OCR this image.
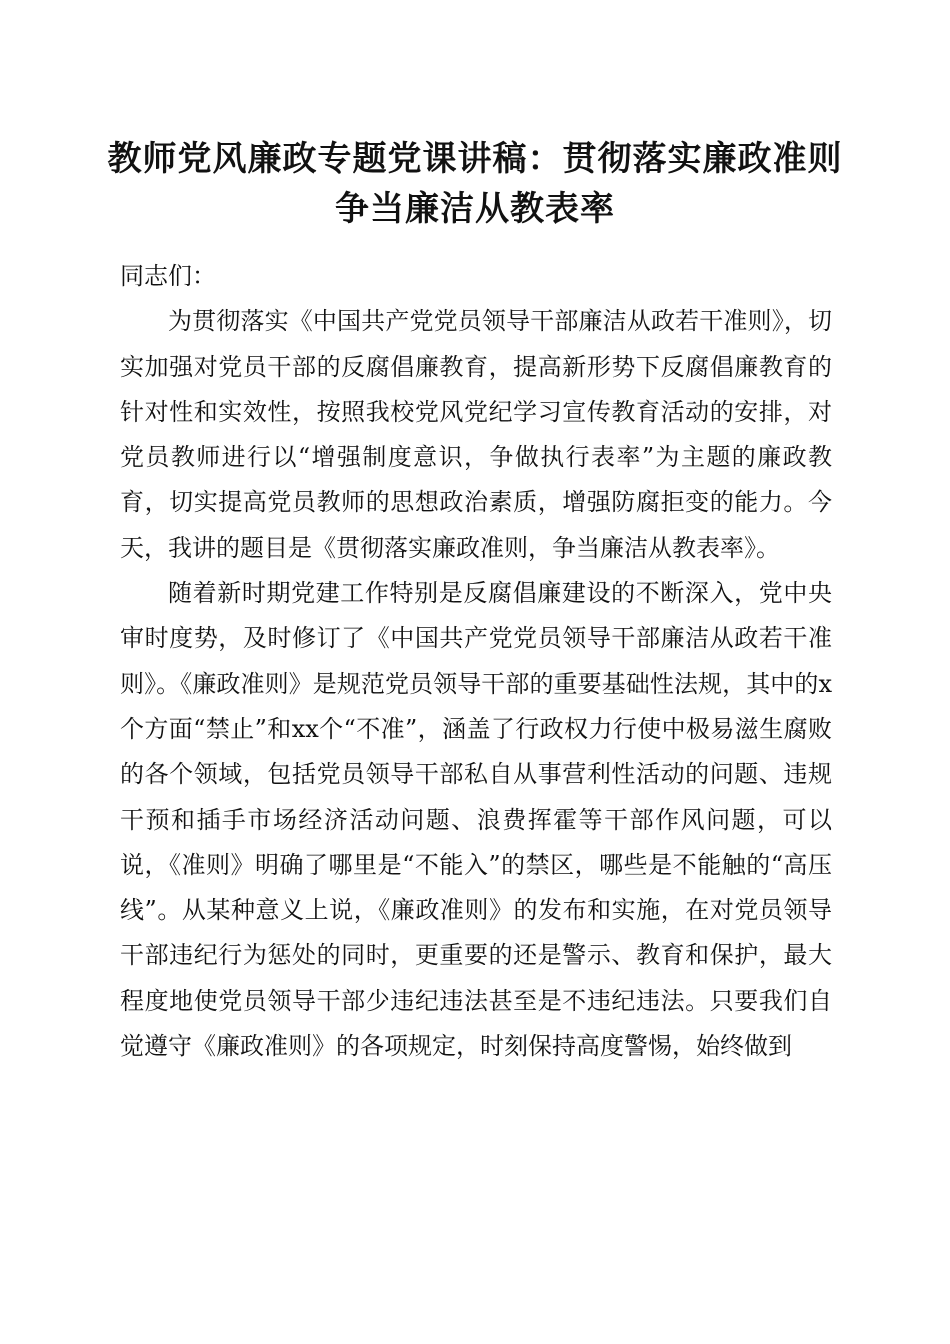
教师党风廉政专题党课讲稿：贯彻落实廉政准则争当廉洁从教表率

同志们：

为贯彻落实《中国共产党党员领导干部廉洁从政若干准则》，切实加强对党员干部的反腐倡廉教育，提高新形势下反腐倡廉教育的针对性和实效性，按照我校党风党纪学习宣传教育活动的安排，对党员教师进行以“增强制度意识，争做执行表率”为主题的廉政教育，切实提高党员教师的思想政治素质，增强防腐拒变的能力。今天，我讲的题目是《贯彻落实廉政准则，争当廉洁从教表率》。

随着新时期党建工作特别是反腐倡廉建设的不断深入，党中央审时度势，及时修订了《中国共产党党员领导干部廉洁从政若干准则》。《廉政准则》是规范党员领导干部的重要基础性法规，其中的x个方面“禁止”和xx个“不准”，涵盖了行政权力行使中极易滋生腐败的各个领域，包括党员领导干部私自从事营利性活动的问题、违规干预和插手市场经济活动问题、浪费挥霍等干部作风问题，可以说，《准则》明确了哪里是“不能入”的禁区，哪些是不能触的“高压线”。从某种意义上说，《廉政准则》的发布和实施，在对党员领导干部违纪行为惩处的同时，更重要的还是警示、教育和保护，最大程度地使党员领导干部少违纪违法甚至是不违纪违法。只要我们自觉遵守《廉政准则》的各项规定，时刻保持高度警惕，始终做到
